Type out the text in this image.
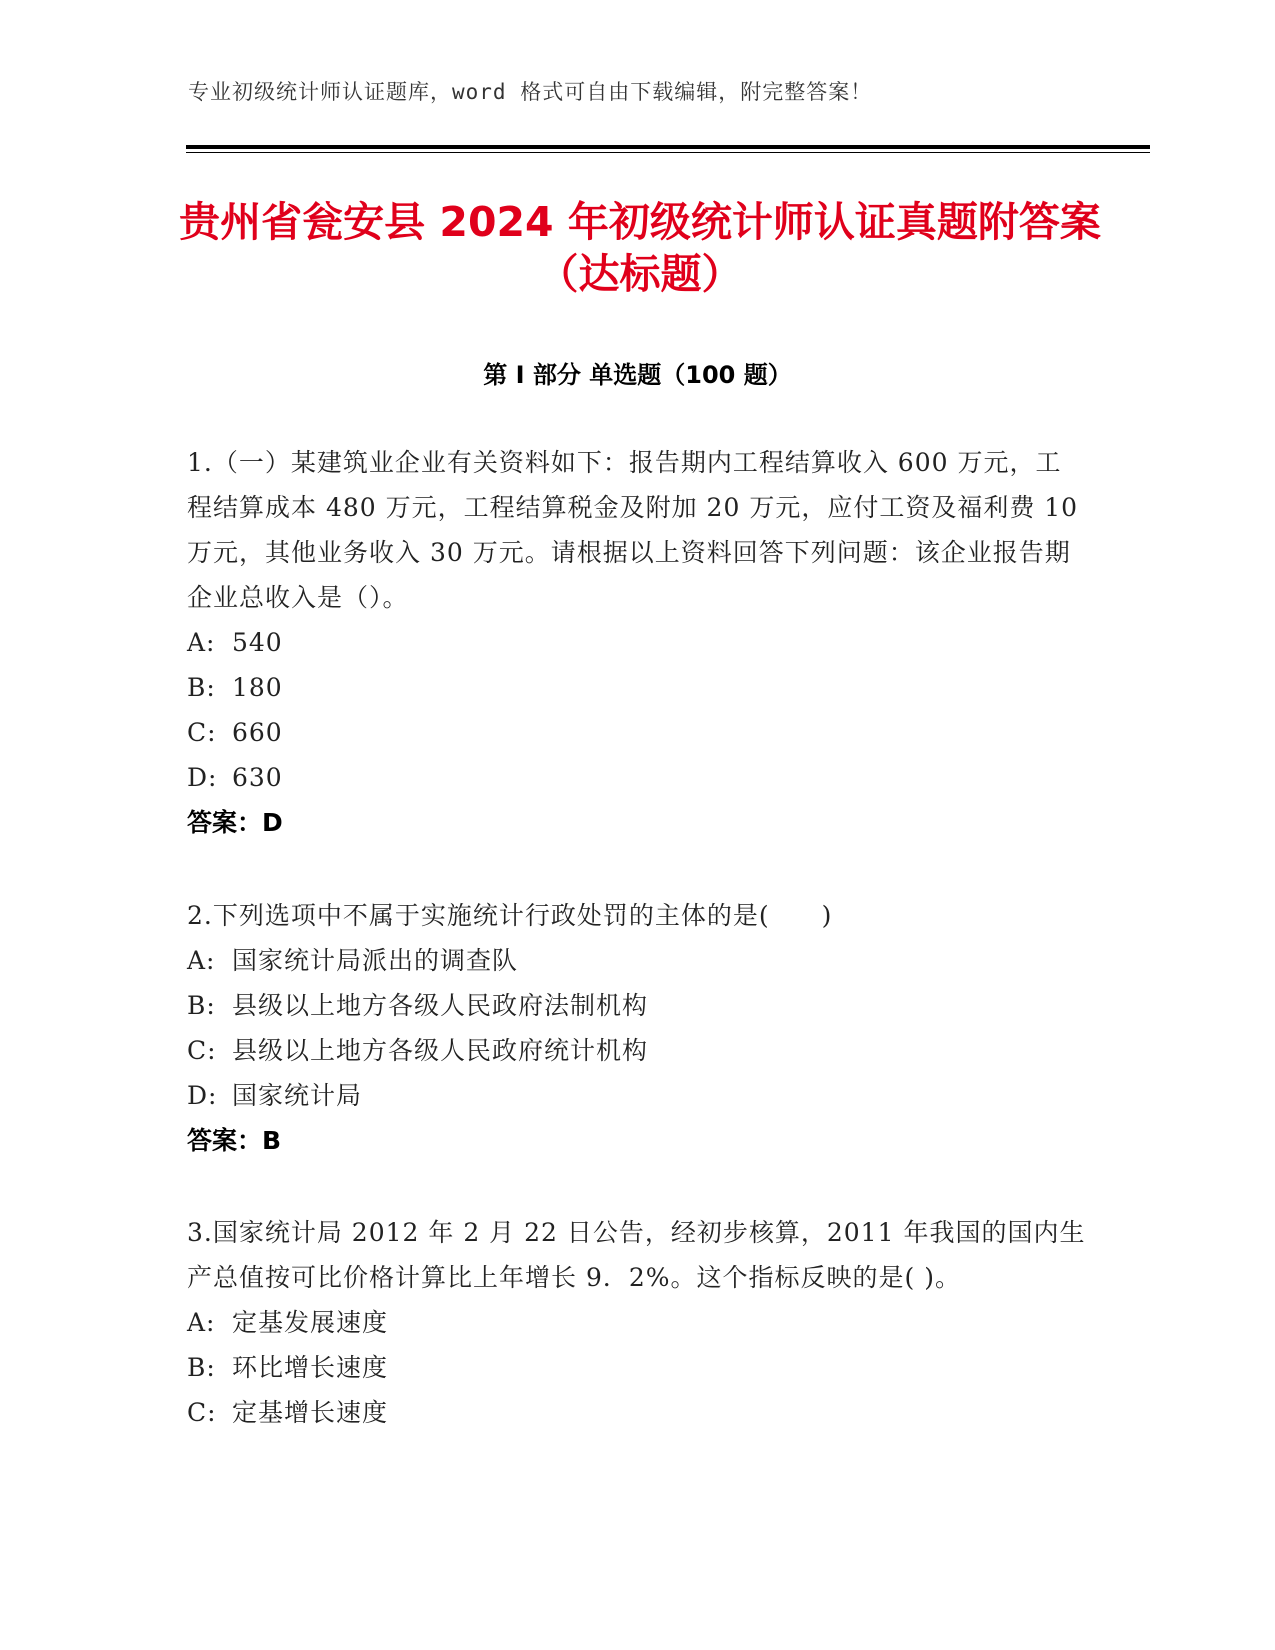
专业初级统计师认证题库，word 格式可自由下载编辑，附完整答案！
贵州省瓮安县 2024 年初级统计师认证真题附答案（达标题）
第 I 部分 单选题（100 题）
1.（一）某建筑业企业有关资料如下：报告期内工程结算收入 600 万元，工程结算成本 480 万元，工程结算税金及附加 20 万元，应付工资及福利费 10 万元，其他业务收入 30 万元。请根据以上资料回答下列问题：该企业报告期企业总收入是（）。
A: 540
B: 180
C: 660
D: 630
答案：D
2.下列选项中不属于实施统计行政处罚的主体的是(　　)
A: 国家统计局派出的调查队
B: 县级以上地方各级人民政府法制机构
C: 县级以上地方各级人民政府统计机构
D: 国家统计局
答案：B
3.国家统计局 2012 年 2 月 22 日公告，经初步核算，2011 年我国的国内生产总值按可比价格计算比上年增长 9．2%。这个指标反映的是( )。
A: 定基发展速度
B: 环比增长速度
C: 定基增长速度
